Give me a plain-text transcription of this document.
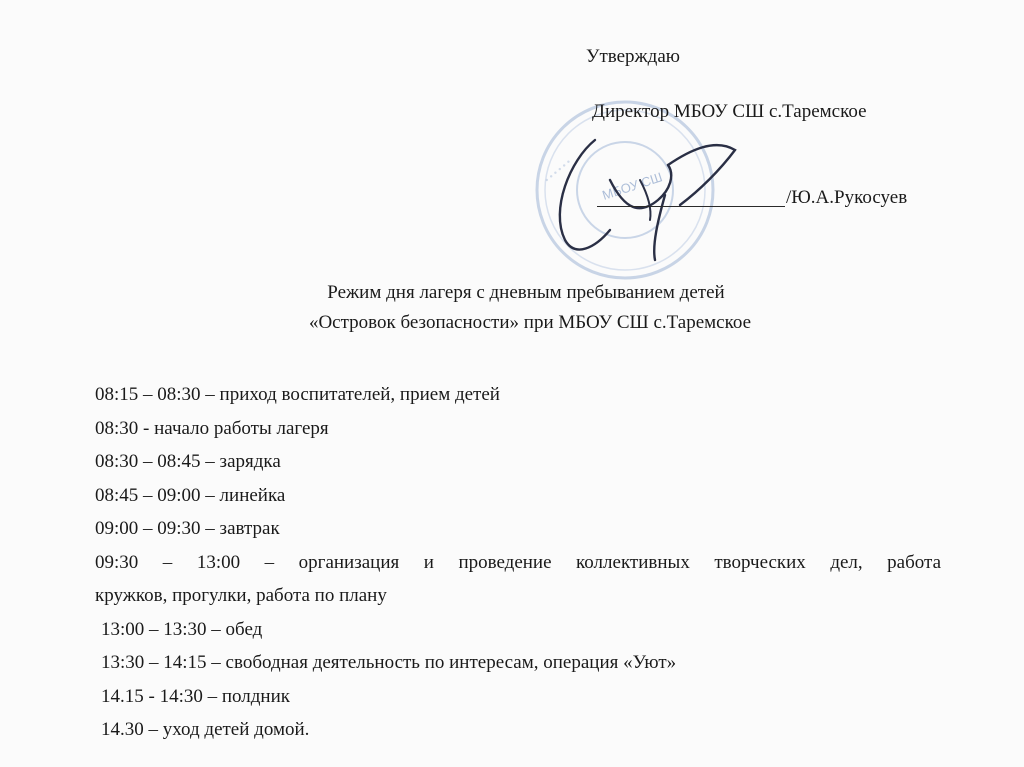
МБОУ СШ
• • • • • •
Утверждаю
Директор МБОУ СШ с.Таремское
/Ю.А.Рукосуев
Режим дня лагеря с дневным пребыванием детей
«Островок безопасности» при МБОУ СШ с.Таремское
08:15 – 08:30 – приход воспитателей, прием детей
08:30 - начало работы лагеря
08:30 – 08:45 – зарядка
08:45 – 09:00 – линейка
09:00 – 09:30 – завтрак
09:30 – 13:00 – организация и проведение коллективных творческих дел, работа
кружков, прогулки, работа по плану
13:00 – 13:30 – обед
13:30 – 14:15 – свободная деятельность по интересам, операция «Уют»
14.15 - 14:30 – полдник
14.30 – уход детей домой.
